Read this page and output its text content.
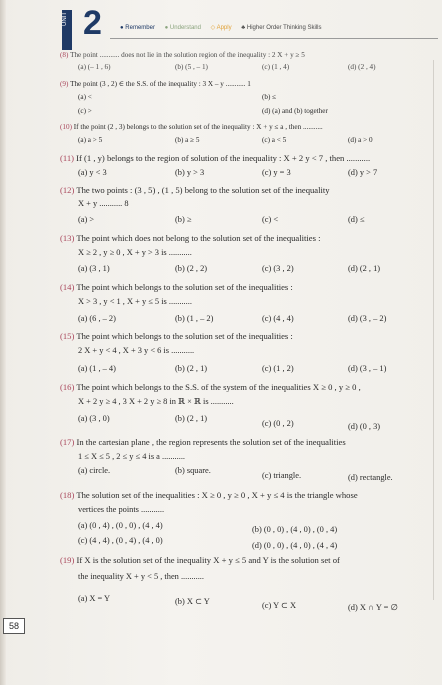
UNIT 2	● Remember ● Understand ◇ Apply ♣ Higher Order Thinking Skills
(8) The point ........... does not lie in the solution region of the inequality : 2 X + y ≥ 5
(a) (– 1 , 6)	(b) (5 , – 1)	(c) (1 , 4)	(d) (2 , 4)
(9) The point (3 , 2) ∈ the S.S. of the inequality : 3 X – y ........... 1
(a) <	(b) ≤
(c) >	(d) (a) and (b) together
(10) If the point (2 , 3) belongs to the solution set of the inequality : X + y ≤ a , then ...........
(a) a > 5	(b) a ≥ 5	(c) a < 5	(d) a > 0
(11) If (1 , y) belongs to the region of solution of the inequality : X + 2 y < 7 , then ...........
(a) y < 3	(b) y > 3	(c) y = 3	(d) y > 7
(12) The two points : (3 , 5) , (1 , 5) belong to the solution set of the inequality
X + y ........... 8
(a) >	(b) ≥	(c) <	(d) ≤
(13) The point which does not belong to the solution set of the inequalities :
X ≥ 2 , y ≥ 0 , X + y > 3 is ...........
(a) (3 , 1)	(b) (2 , 2)	(c) (3 , 2)	(d) (2 , 1)
(14) The point which belongs to the solution set of the inequalities :
X > 3 , y < 1 , X + y ≤ 5 is ...........
(a) (6 , – 2)	(b) (1 , – 2)	(c) (4 , 4)	(d) (3 , – 2)
(15) The point which belongs to the solution set of the inequalities :
2 X + y < 4 , X + 3 y < 6 is ...........
(a) (1 , – 4)	(b) (2 , 1)	(c) (1 , 2)	(d) (3 , – 1)
(16) The point which belongs to the S.S. of the system of the inequalities X ≥ 0 , y ≥ 0 ,
X + 2 y ≥ 4 , 3 X + 2 y ≥ 8 in ℝ × ℝ is ...........
(a) (3 , 0)	(b) (2 , 1)
(c) (0 , 2)	(d) (0 , 3)
(17) In the cartesian plane , the region represents the solution set of the inequalities
1 ≤ X ≤ 5 , 2 ≤ y ≤ 4 is a ...........
(a) circle.	(b) square.
(c) triangle.	(d) rectangle.
(18) The solution set of the inequalities : X ≥ 0 , y ≥ 0 , X + y ≤ 4 is the triangle whose
vertices the points ...........
(a) (0 , 4) , (0 , 0) , (4 , 4)	(b) (0 , 0) , (4 , 0) , (0 , 4)
(c) (4 , 4) , (0 , 4) , (4 , 0)
(d) (0 , 0) , (4 , 0) , (4 , 4)
(19) If X is the solution set of the inequality X + y ≤ 5 and Y is the solution set of
the inequality X + y < 5 , then ...........
(a) X = Y	(b) X ⊂ Y	(c) Y ⊂ X	(d) X ∩ Y = ∅
58
